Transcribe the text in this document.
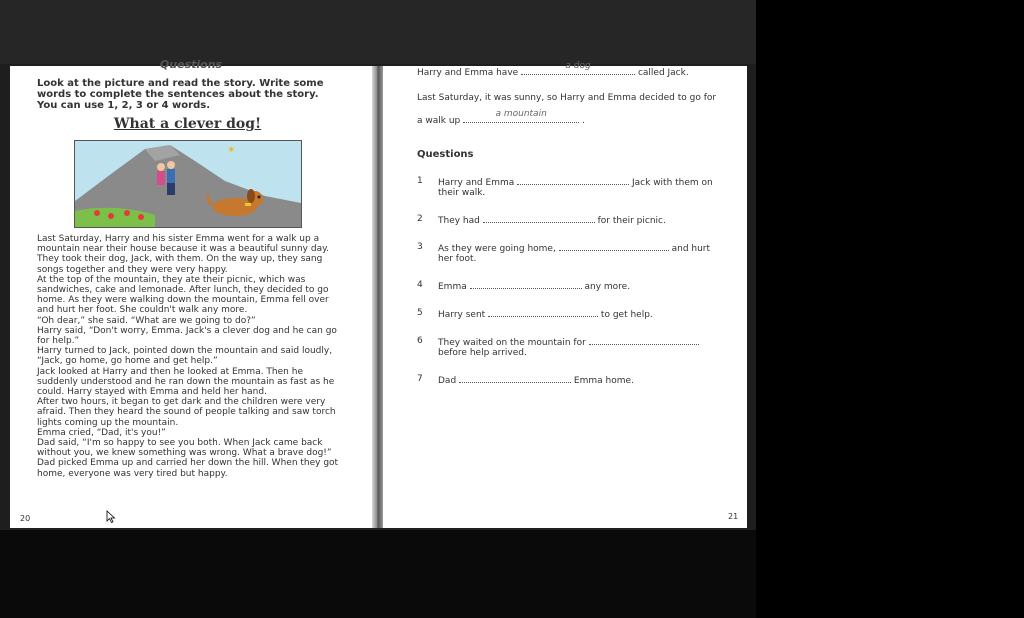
Questions
Look at the picture and read the story. Write some words to complete the sentences about the story. You can use 1, 2, 3 or 4 words.
What a clever dog!
✶

Last Saturday, Harry and his sister Emma went for a walk up a mountain near their house because it was a beautiful sunny day. They took their dog, Jack, with them. On the way up, they sang songs together and they were very happy.

At the top of the mountain, they ate their picnic, which was sandwiches, cake and lemonade. After lunch, they decided to go home. As they were walking down the mountain, Emma fell over and hurt her foot. She couldn't walk any more.

“Oh dear,” she said. “What are we going to do?”

Harry said, “Don't worry, Emma. Jack's a clever dog and he can go for help.”

Harry turned to Jack, pointed down the mountain and said loudly, “Jack, go home, go home and get help.”

Jack looked at Harry and then he looked at Emma. Then he suddenly understood and he ran down the mountain as fast as he could. Harry stayed with Emma and held her hand.

After two hours, it began to get dark and the children were very afraid. Then they heard the sound of people talking and saw torch lights coming up the mountain.

Emma cried, “Dad, it's you!”

Dad said, “I'm so happy to see you both. When Jack came back without you, we knew something was wrong. What a brave dog!”

Dad picked Emma up and carried her down the hill. When they got home, everyone was very tired but happy.

20
Harry and Emma have
a dog
called Jack.
Last Saturday, it was sunny, so Harry and Emma decided to go for
a walk up
a mountain
.
Questions
1 Harry and Emma	Jack with them on their walk.
2 They had	for their picnic.
3 As they were going home,	and hurt her foot.
4 Emma	any more.
5 Harry sent	to get help.
6 They waited on the mountain for  before help arrived.
7 Dad	Emma home.
21
